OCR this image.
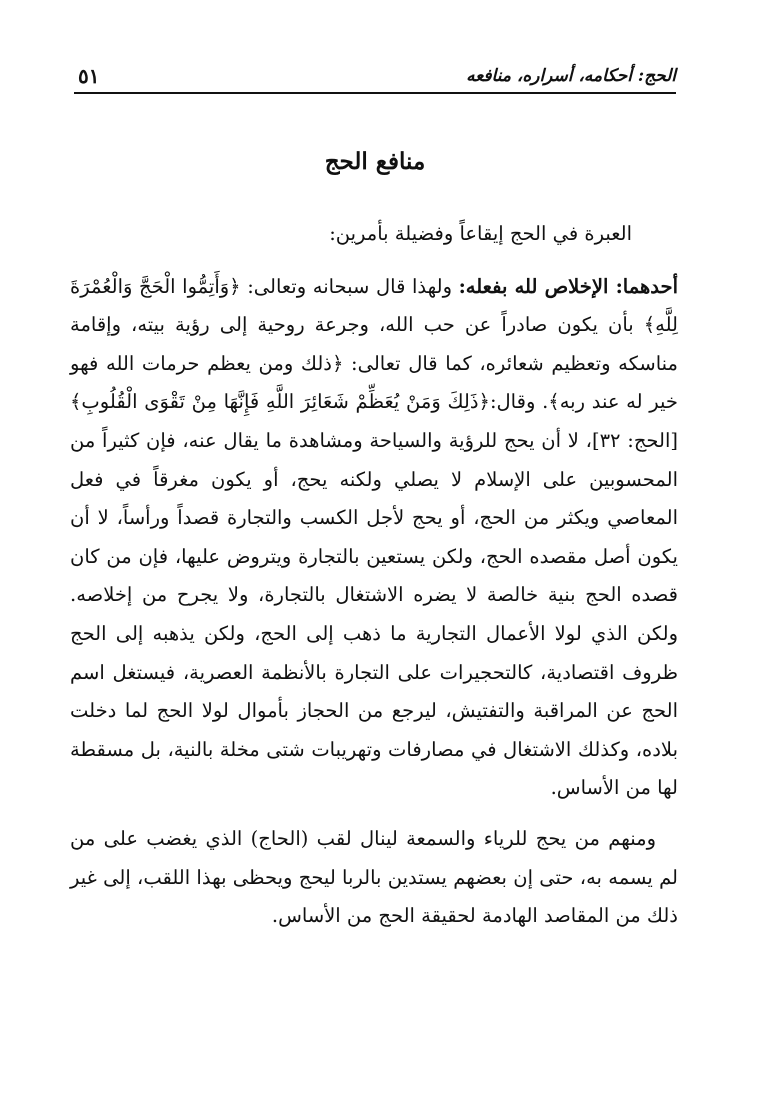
الحج: أحكامه، أسراره، منافعه
٥١
منافع الحج

العبرة في الحج إيقاعاً وفضيلة بأمرين:

أحدهما: الإخلاص لله بفعله: ولهذا قال سبحانه وتعالى: ﴿وَأَتِمُّوا الْحَجَّ وَالْعُمْرَةَ لِلَّهِ﴾ بأن يكون صادراً عن حب الله، وجرعة روحية إلى رؤية بيته، وإقامة مناسكه وتعظيم شعائره، كما قال تعالى: ﴿ذلك ومن يعظم حرمات الله فهو خير له عند ربه﴾. وقال:﴿ذَلِكَ وَمَنْ يُعَظِّمْ شَعَائِرَ اللَّهِ فَإِنَّهَا مِنْ تَقْوَى الْقُلُوبِ﴾ [الحج: ٣٢]، لا أن يحج للرؤية والسياحة ومشاهدة ما يقال عنه، فإن كثيراً من المحسوبين على الإسلام لا يصلي ولكنه يحج، أو يكون مغرقاً في فعل المعاصي ويكثر من الحج، أو يحج لأجل الكسب والتجارة قصداً ورأساً، لا أن يكون أصل مقصده الحج، ولكن يستعين بالتجارة ويتروض عليها، فإن من كان قصده الحج بنية خالصة لا يضره الاشتغال بالتجارة، ولا يجرح من إخلاصه. ولكن الذي لولا الأعمال التجارية ما ذهب إلى الحج، ولكن يذهبه إلى الحج ظروف اقتصادية، كالتحجيرات على التجارة بالأنظمة العصرية، فيستغل اسم الحج عن المراقبة والتفتيش، ليرجع من الحجاز بأموال لولا الحج لما دخلت بلاده، وكذلك الاشتغال في مصارفات وتهريبات شتى مخلة بالنية، بل مسقطة لها من الأساس.

ومنهم من يحج للرياء والسمعة لينال لقب (الحاج) الذي يغضب على من لم يسمه به، حتى إن بعضهم يستدين بالربا ليحج ويحظى بهذا اللقب، إلى غير ذلك من المقاصد الهادمة لحقيقة الحج من الأساس.
